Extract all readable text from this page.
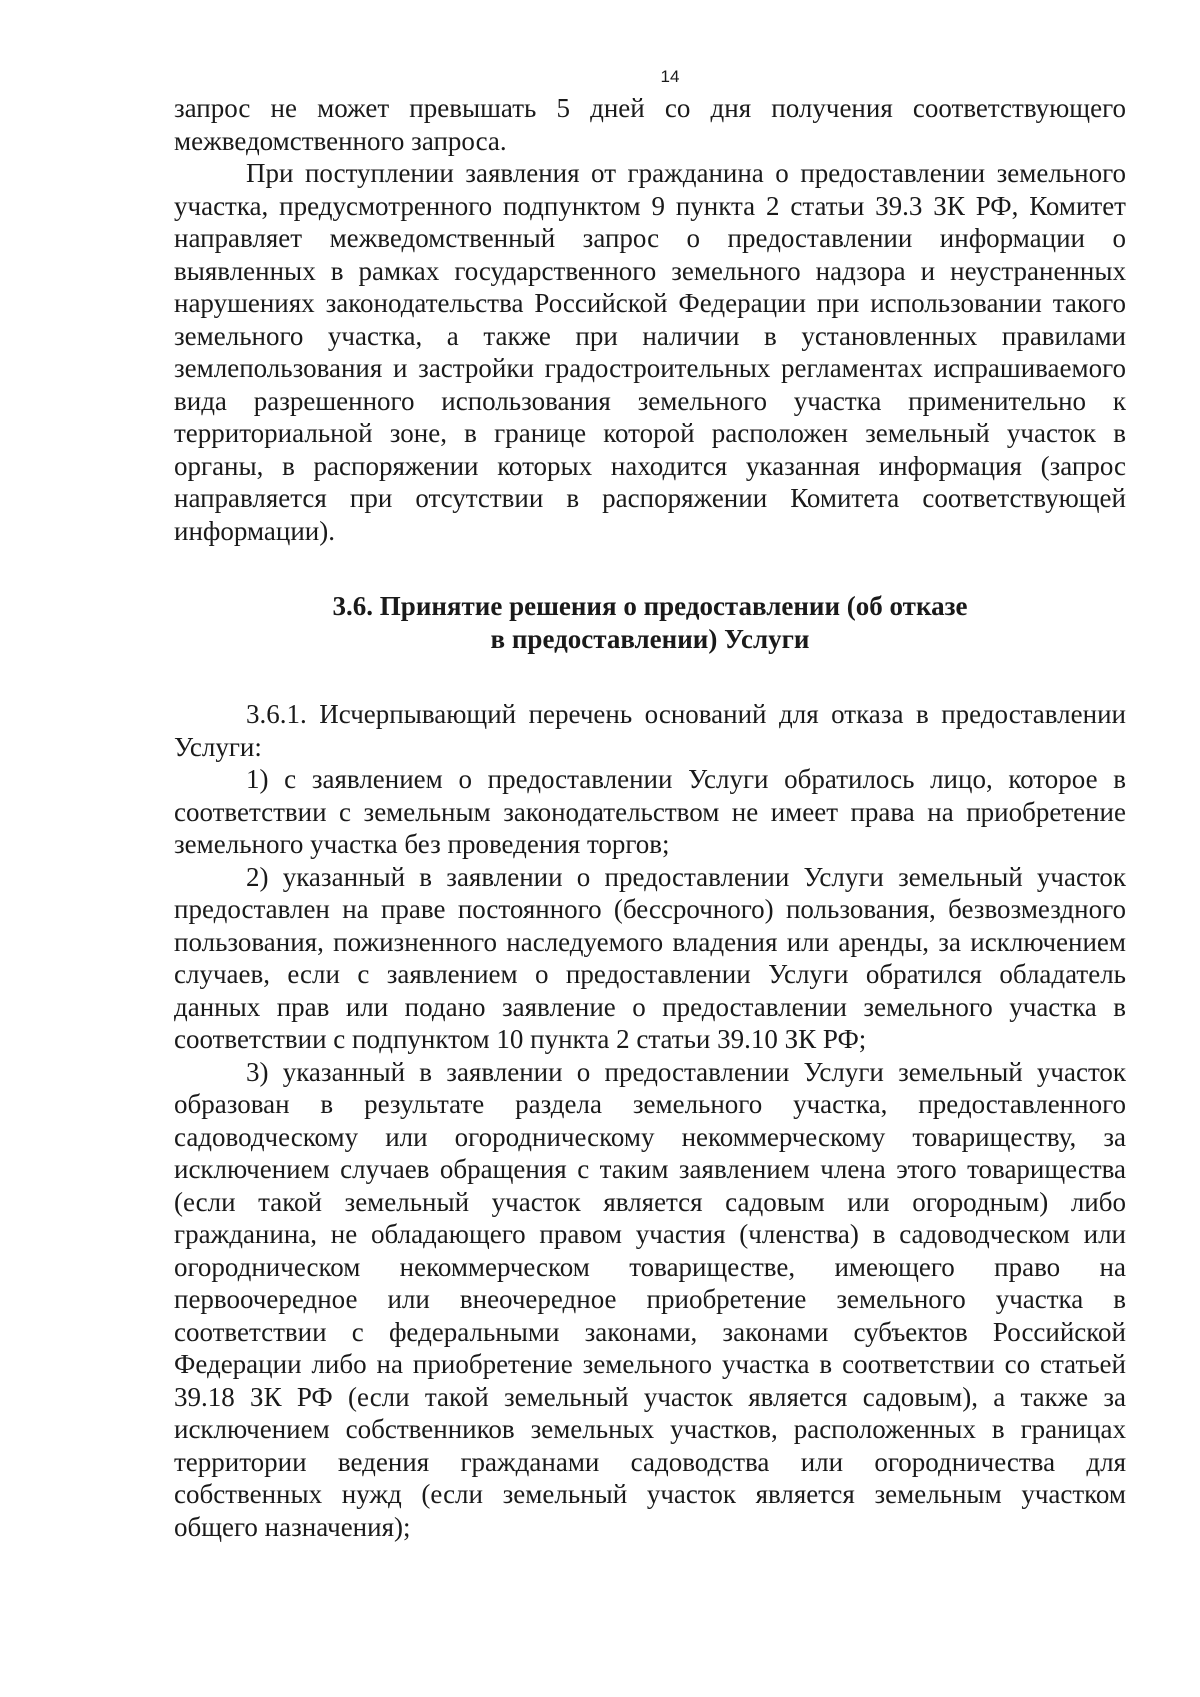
14

запрос не может превышать 5 дней со дня получения соответствующего межведомственного запроса.

При поступлении заявления от гражданина о предоставлении земельного участка, предусмотренного подпунктом 9 пункта 2 статьи 39.3 ЗК РФ, Комитет направляет межведомственный запрос о предоставлении информации о выявленных в рамках государственного земельного надзора и неустраненных нарушениях законодательства Российской Федерации при использовании такого земельного участка, а также при наличии в установленных правилами землепользования и застройки градостроительных регламентах испрашиваемого вида разрешенного использования земельного участка применительно к территориальной зоне, в границе которой расположен земельный участок в органы, в распоряжении которых находится указанная информация (запрос направляется при отсутствии в распоряжении Комитета соответствующей информации).

3.6. Принятие решения о предоставлении (об отказе
в предоставлении) Услуги

3.6.1. Исчерпывающий перечень оснований для отказа в предоставлении Услуги:

1) с заявлением о предоставлении Услуги обратилось лицо, которое в соответствии с земельным законодательством не имеет права на приобретение земельного участка без проведения торгов;

2) указанный в заявлении о предоставлении Услуги земельный участок предоставлен на праве постоянного (бессрочного) пользования, безвозмездного пользования, пожизненного наследуемого владения или аренды, за исключением случаев, если с заявлением о предоставлении Услуги обратился обладатель данных прав или подано заявление о предоставлении земельного участка в соответствии с подпунктом 10 пункта 2 статьи 39.10 ЗК РФ;

3) указанный в заявлении о предоставлении Услуги земельный участок образован в результате раздела земельного участка, предоставленного садоводческому или огородническому некоммерческому товариществу, за исключением случаев обращения с таким заявлением члена этого товарищества (если такой земельный участок является садовым или огородным) либо гражданина, не обладающего правом участия (членства) в садоводческом или огородническом некоммерческом товариществе, имеющего право на первоочередное или внеочередное приобретение земельного участка в соответствии с федеральными законами, законами субъектов Российской Федерации либо на приобретение земельного участка в соответствии со статьей 39.18 ЗК РФ (если такой земельный участок является садовым), а также за исключением собственников земельных участков, расположенных в границах территории ведения гражданами садоводства или огородничества для собственных нужд (если земельный участок является земельным участком общего назначения);
